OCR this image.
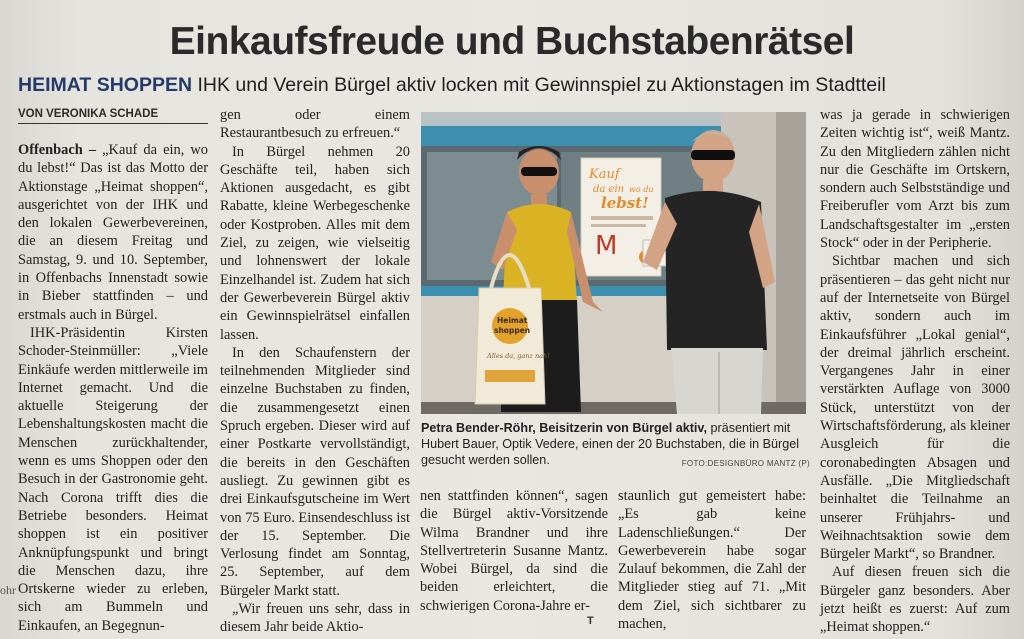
Einkaufsfreude und Buchstabenrätsel
HEIMAT SHOPPEN IHK und Verein Bürgel aktiv locken mit Gewinnspiel zu Aktionstagen im Stadtteil
VON VERONIKA SCHADE

Offenbach – „Kauf da ein, wo du lebst!“ Das ist das Motto der Aktionstage „Heimat shoppen“, ausgerichtet von der IHK und den lokalen Gewerbevereinen, die an diesem Freitag und Samstag, 9. und 10. September, in Offenbachs Innenstadt sowie in Bieber stattfinden – und erstmals auch in Bürgel.

IHK-Präsidentin Kirsten Schoder-Steinmüller: „Viele Einkäufe werden mittlerweile im Internet gemacht. Und die aktuelle Steigerung der Lebenshaltungskosten macht die Menschen zurückhaltender, wenn es ums Shoppen oder den Besuch in der Gastronomie geht. Nach Corona trifft dies die Betriebe besonders. Heimat shoppen ist ein positiver Anknüpfungspunkt und bringt die Menschen dazu, ihre Ortskerne wieder zu erleben, sich am Bummeln und Einkaufen, an Begegnun-

gen oder einem Restaurantbesuch zu erfreuen.“

In Bürgel nehmen 20 Geschäfte teil, haben sich Aktionen ausgedacht, es gibt Rabatte, kleine Werbegeschenke oder Kostproben. Alles mit dem Ziel, zu zeigen, wie vielseitig und lohnenswert der lokale Einzelhandel ist. Zudem hat sich der Gewerbeverein Bürgel aktiv ein Gewinnspielrätsel einfallen lassen.

In den Schaufenstern der teilnehmenden Mitglieder sind einzelne Buchstaben zu finden, die zusammengesetzt einen Spruch ergeben. Dieser wird auf einer Postkarte vervollständigt, die bereits in den Geschäften ausliegt. Zu gewinnen gibt es drei Einkaufsgutscheine im Wert von 75 Euro. Einsendeschluss ist der 15. September. Die Verlosung findet am Sonntag, 25. September, auf dem Bürgeler Markt statt.

„Wir freuen uns sehr, dass in diesem Jahr beide Aktio-

Kauf
da ein wo du
lebst!
M
Heimat
shoppen
Alles da, ganz nah!
Petra Bender-Röhr, Beisitzerin von Bürgel aktiv, präsentiert mit Hubert Bauer, Optik Vedere, einen der 20 Buchstaben, die in Bürgel gesucht werden sollen.	FOTO:DESIGNBÜRO MANTZ (P)

nen stattfinden können“, sagen die Bürgel aktiv-Vorsitzende Wilma Brandner und ihre Stellvertreterin Susanne Mantz. Wobei Bürgel, da sind die beiden erleichtert, die schwierigen Corona-Jahre er-

staunlich gut gemeistert habe: „Es gab keine Ladenschließungen.“ Der Gewerbeverein habe sogar Zulauf bekommen, die Zahl der Mitglieder stieg auf 71. „Mit dem Ziel, sich sichtbarer zu machen,

was ja gerade in schwierigen Zeiten wichtig ist“, weiß Mantz. Zu den Mitgliedern zählen nicht nur die Geschäfte im Ortskern, sondern auch Selbstständige und Freiberufler vom Arzt bis zum Landschaftsgestalter im „ersten Stock“ oder in der Peripherie.

Sichtbar machen und sich präsentieren – das geht nicht nur auf der Internetseite von Bürgel aktiv, sondern auch im Einkaufsführer „Lokal genial“, der dreimal jährlich erscheint. Vergangenes Jahr in einer verstärkten Auflage von 3000 Stück, unterstützt von der Wirtschaftsförderung, als kleiner Ausgleich für die coronabedingten Absagen und Ausfälle. „Die Mitgliedschaft beinhaltet die Teilnahme an unserer Frühjahrs- und Weihnachtsaktion sowie dem Bürgeler Markt“, so Brandner.

Auf diesen freuen sich die Bürgeler ganz besonders. Aber jetzt heißt es zuerst: Auf zum „Heimat shoppen.“

ohr
T
